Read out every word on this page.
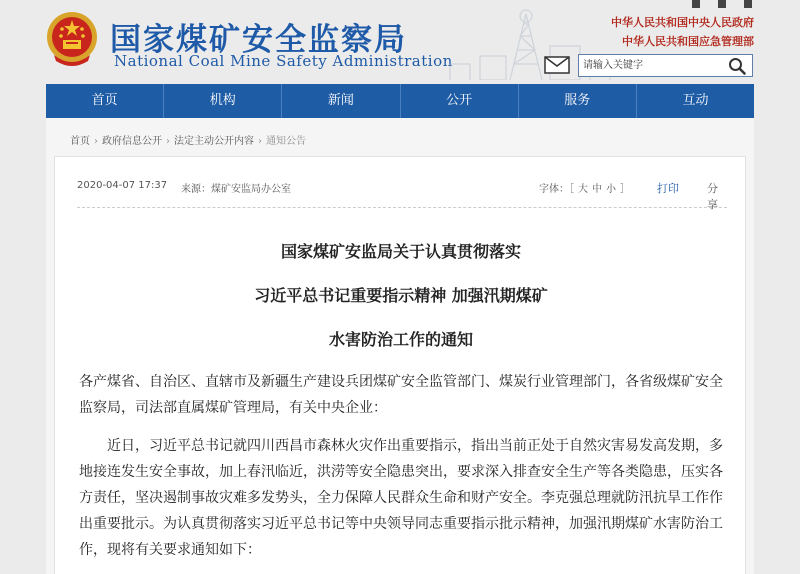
国家煤矿安全监察局
National Coal Mine Safety Administration
中华人民共和国中央人民政府
中华人民共和国应急管理部
请输入关键字
首页	机构	新闻	公开	服务	互动
首页 › 政府信息公开 › 法定主动公开内容 › 通知公告
2020-04-07 17:37 来源：煤矿安监局办公室	字体：［ 大 中 小 ］ 打印	分享
国家煤矿安监局关于认真贯彻落实
习近平总书记重要指示精神 加强汛期煤矿
水害防治工作的通知

各产煤省、自治区、直辖市及新疆生产建设兵团煤矿安全监管部门、煤炭行业管理部门，各省级煤矿安全监察局，司法部直属煤矿管理局，有关中央企业：

近日，习近平总书记就四川西昌市森林火灾作出重要指示，指出当前正处于自然灾害易发高发期，多地接连发生安全事故，加上春汛临近，洪涝等安全隐患突出，要求深入排查安全生产等各类隐患，压实各方责任，坚决遏制事故灾难多发势头，全力保障人民群众生命和财产安全。李克强总理就防汛抗旱工作作出重要批示。为认真贯彻落实习近平总书记等中央领导同志重要指示批示精神，加强汛期煤矿水害防治工作，现将有关要求通知如下：
